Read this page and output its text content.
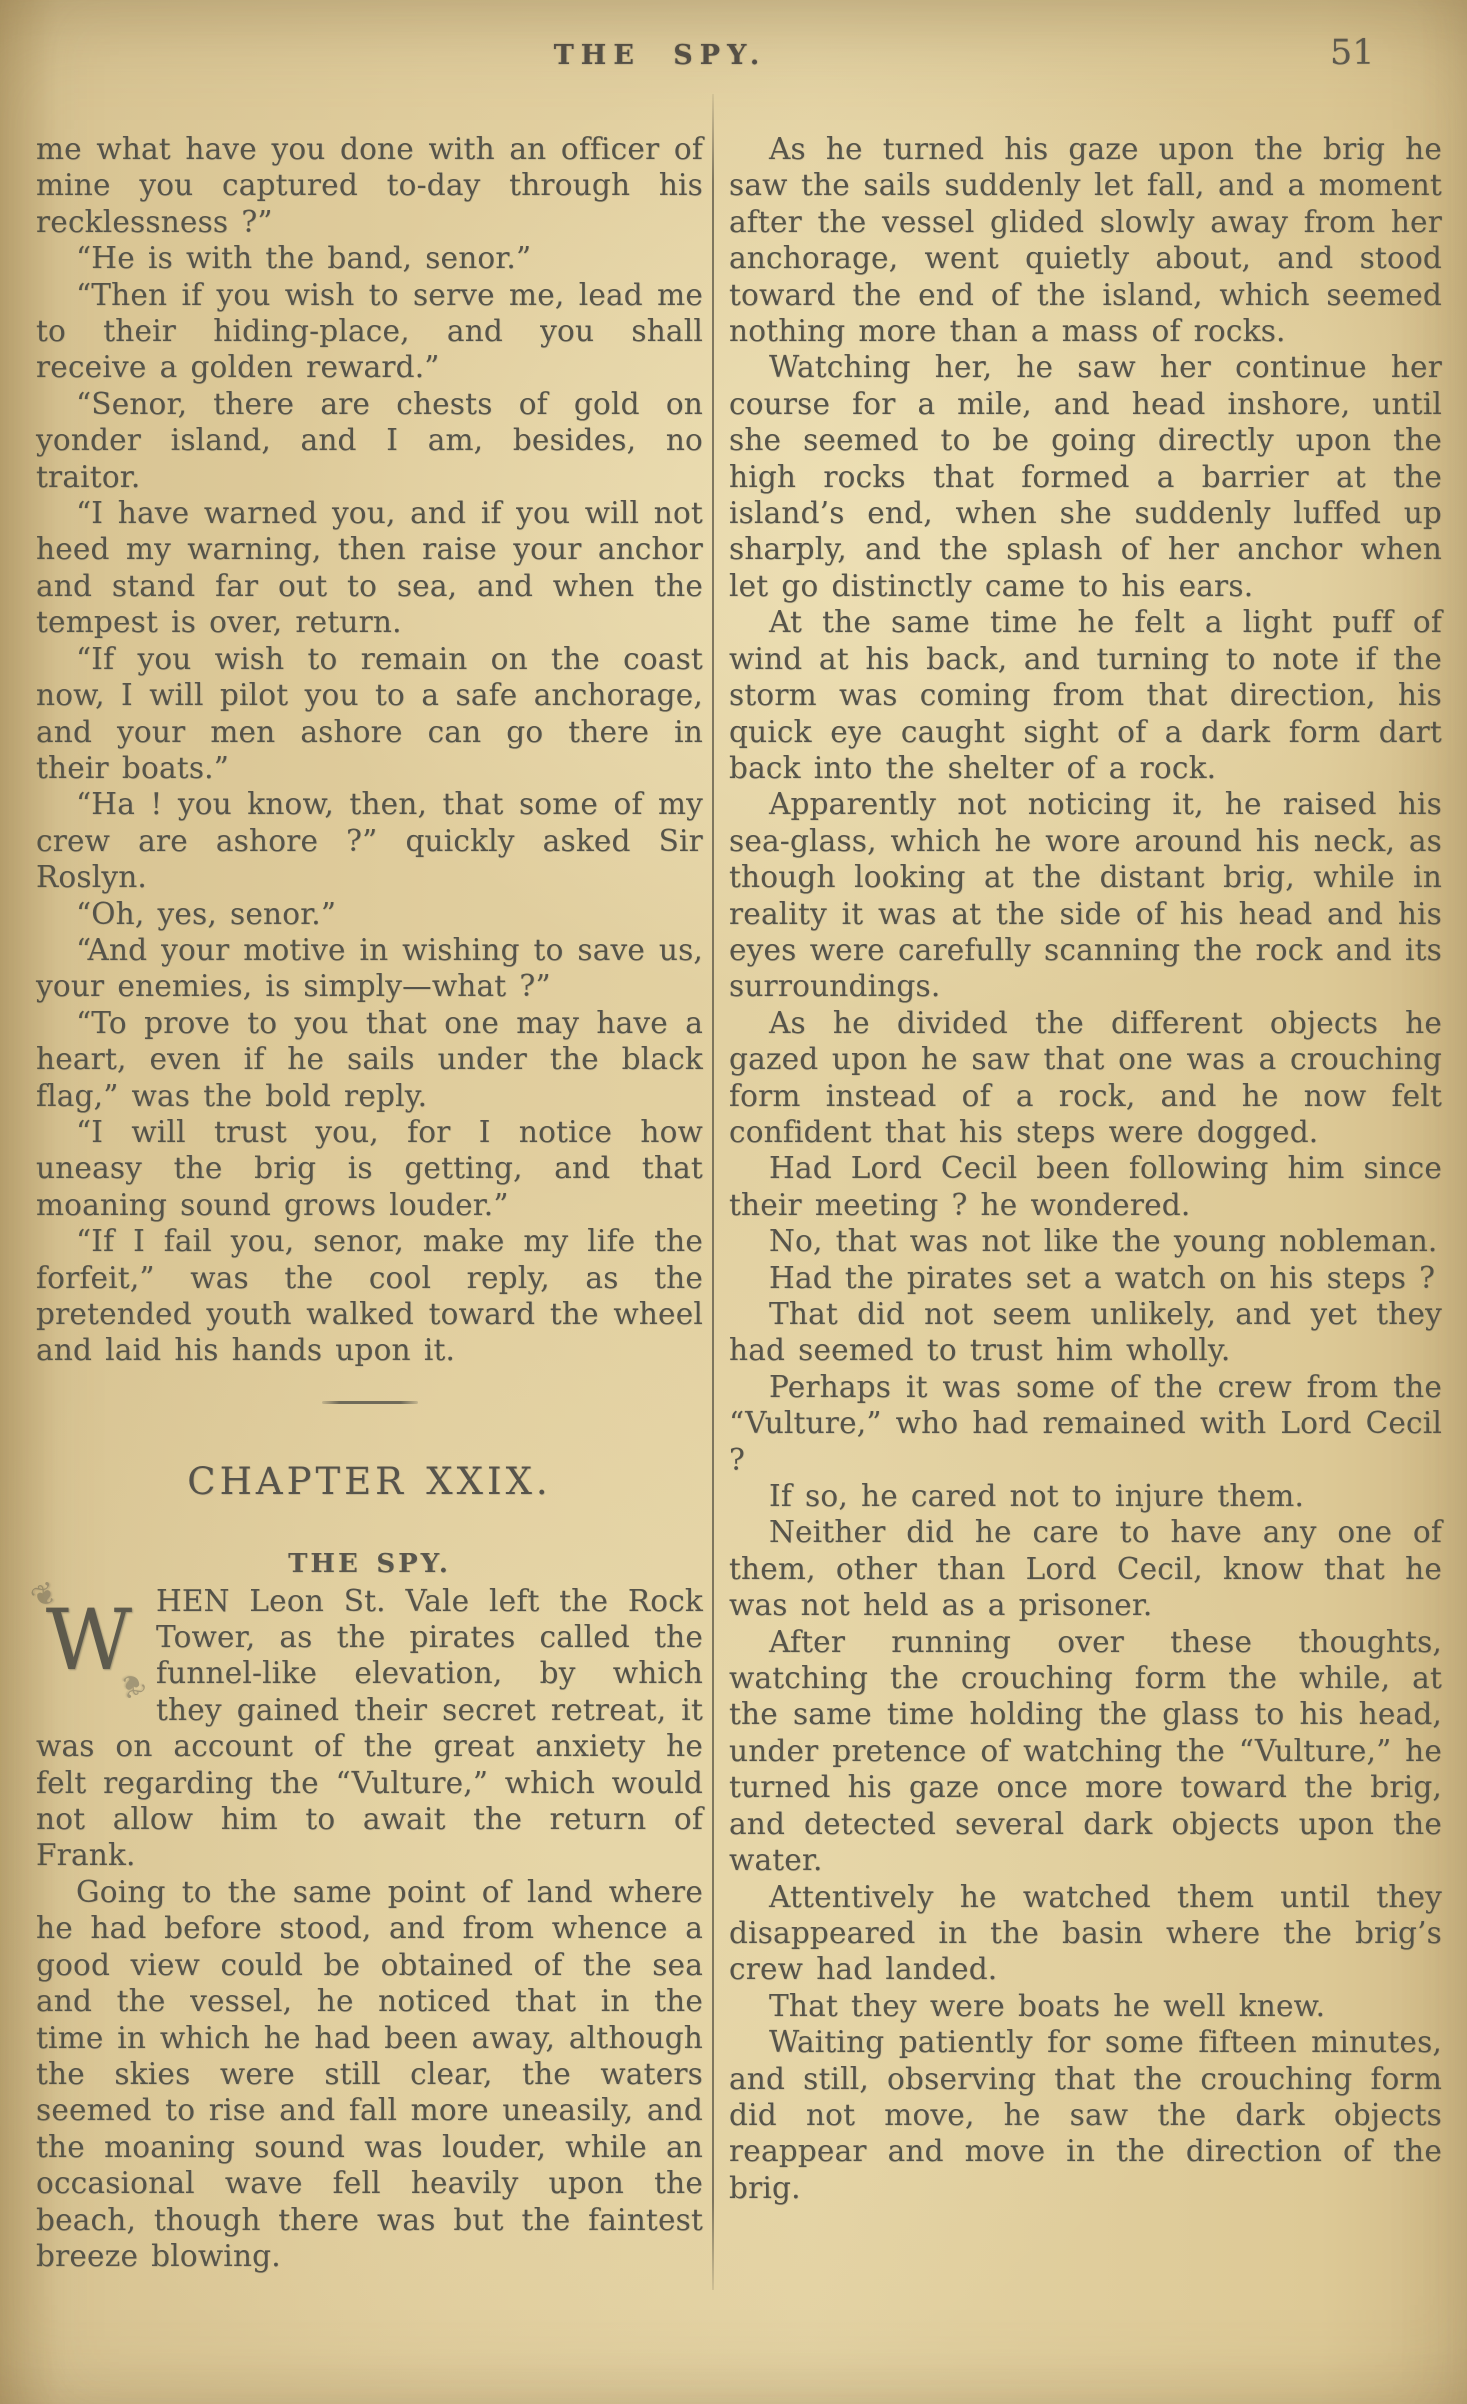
THE SPY.	51

me what have you done with an officer of mine you captured to-day through his recklessness ?”

“He is with the band, senor.”

“Then if you wish to serve me, lead me to their hiding-place, and you shall receive a golden reward.”

“Senor, there are chests of gold on yonder island, and I am, besides, no traitor.

“I have warned you, and if you will not heed my warning, then raise your anchor and stand far out to sea, and when the tempest is over, return.

“If you wish to remain on the coast now, I will pilot you to a safe anchorage, and your men ashore can go there in their boats.”

“Ha ! you know, then, that some of my crew are ashore ?” quickly asked Sir Roslyn.

“Oh, yes, senor.”

“And your motive in wishing to save us, your enemies, is simply—what ?”

“To prove to you that one may have a heart, even if he sails under the black flag,” was the bold reply.

“I will trust you, for I notice how uneasy the brig is getting, and that moaning sound grows louder.”

“If I fail you, senor, make my life the forfeit,” was the cool reply, as the pretended youth walked toward the wheel and laid his hands upon it.

CHAPTER XXIX.
THE SPY.

❦ W ❦HEN Leon St. Vale left the Rock Tower, as the pirates called the funnel-like elevation, by which they gained their secret retreat, it was on account of the great anxiety he felt regarding the “Vulture,” which would not allow him to await the return of Frank.

Going to the same point of land where he had before stood, and from whence a good view could be obtained of the sea and the vessel, he noticed that in the time in which he had been away, although the skies were still clear, the waters seemed to rise and fall more uneasily, and the moaning sound was louder, while an occasional wave fell heavily upon the beach, though there was but the faintest breeze blowing.

As he turned his gaze upon the brig he saw the sails suddenly let fall, and a moment after the vessel glided slowly away from her anchorage, went quietly about, and stood toward the end of the island, which seemed nothing more than a mass of rocks.

Watching her, he saw her continue her course for a mile, and head inshore, until she seemed to be going directly upon the high rocks that formed a barrier at the island’s end, when she suddenly luffed up sharply, and the splash of her anchor when let go distinctly came to his ears.

At the same time he felt a light puff of wind at his back, and turning to note if the storm was coming from that direction, his quick eye caught sight of a dark form dart back into the shelter of a rock.

Apparently not noticing it, he raised his sea-glass, which he wore around his neck, as though looking at the distant brig, while in reality it was at the side of his head and his eyes were carefully scanning the rock and its surroundings.

As he divided the different objects he gazed upon he saw that one was a crouching form instead of a rock, and he now felt confident that his steps were dogged.

Had Lord Cecil been following him since their meeting ? he wondered.

No, that was not like the young nobleman.

Had the pirates set a watch on his steps ?

That did not seem unlikely, and yet they had seemed to trust him wholly.

Perhaps it was some of the crew from the “Vulture,” who had remained with Lord Cecil ?

If so, he cared not to injure them.

Neither did he care to have any one of them, other than Lord Cecil, know that he was not held as a prisoner.

After running over these thoughts, watching the crouching form the while, at the same time holding the glass to his head, under pretence of watching the “Vulture,” he turned his gaze once more toward the brig, and detected several dark objects upon the water.

Attentively he watched them until they disappeared in the basin where the brig’s crew had landed.

That they were boats he well knew.

Waiting patiently for some fifteen minutes, and still, observing that the crouching form did not move, he saw the dark objects reappear and move in the direction of the brig.
